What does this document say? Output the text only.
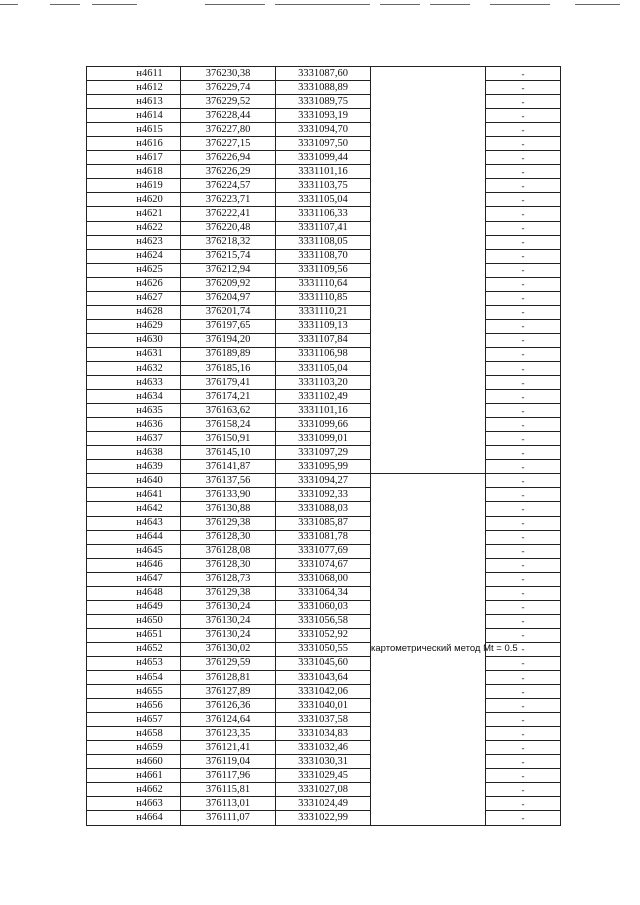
н4611	376230,38	3331087,60		-
н4612	376229,74	3331088,89		-
н4613	376229,52	3331089,75		-
н4614	376228,44	3331093,19		-
н4615	376227,80	3331094,70		-
н4616	376227,15	3331097,50		-
н4617	376226,94	3331099,44		-
н4618	376226,29	3331101,16		-
н4619	376224,57	3331103,75		-
н4620	376223,71	3331105,04		-
н4621	376222,41	3331106,33		-
н4622	376220,48	3331107,41		-
н4623	376218,32	3331108,05		-
н4624	376215,74	3331108,70		-
н4625	376212,94	3331109,56		-
н4626	376209,92	3331110,64		-
н4627	376204,97	3331110,85		-
н4628	376201,74	3331110,21		-
н4629	376197,65	3331109,13		-
н4630	376194,20	3331107,84		-
н4631	376189,89	3331106,98		-
н4632	376185,16	3331105,04		-
н4633	376179,41	3331103,20		-
н4634	376174,21	3331102,49		-
н4635	376163,62	3331101,16		-
н4636	376158,24	3331099,66		-
н4637	376150,91	3331099,01		-
н4638	376145,10	3331097,29		-
н4639	376141,87	3331095,99		-
н4640	376137,56	3331094,27	картометрический метод Mt = 0.5	-
н4641	376133,90	3331092,33		-
н4642	376130,88	3331088,03		-
н4643	376129,38	3331085,87		-
н4644	376128,30	3331081,78		-
н4645	376128,08	3331077,69		-
н4646	376128,30	3331074,67		-
н4647	376128,73	3331068,00		-
н4648	376129,38	3331064,34		-
н4649	376130,24	3331060,03		-
н4650	376130,24	3331056,58		-
н4651	376130,24	3331052,92		-
н4652	376130,02	3331050,55		-
н4653	376129,59	3331045,60		-
н4654	376128,81	3331043,64		-
н4655	376127,89	3331042,06		-
н4656	376126,36	3331040,01		-
н4657	376124,64	3331037,58		-
н4658	376123,35	3331034,83		-
н4659	376121,41	3331032,46		-
н4660	376119,04	3331030,31		-
н4661	376117,96	3331029,45		-
н4662	376115,81	3331027,08		-
н4663	376113,01	3331024,49		-
н4664	376111,07	3331022,99		-
